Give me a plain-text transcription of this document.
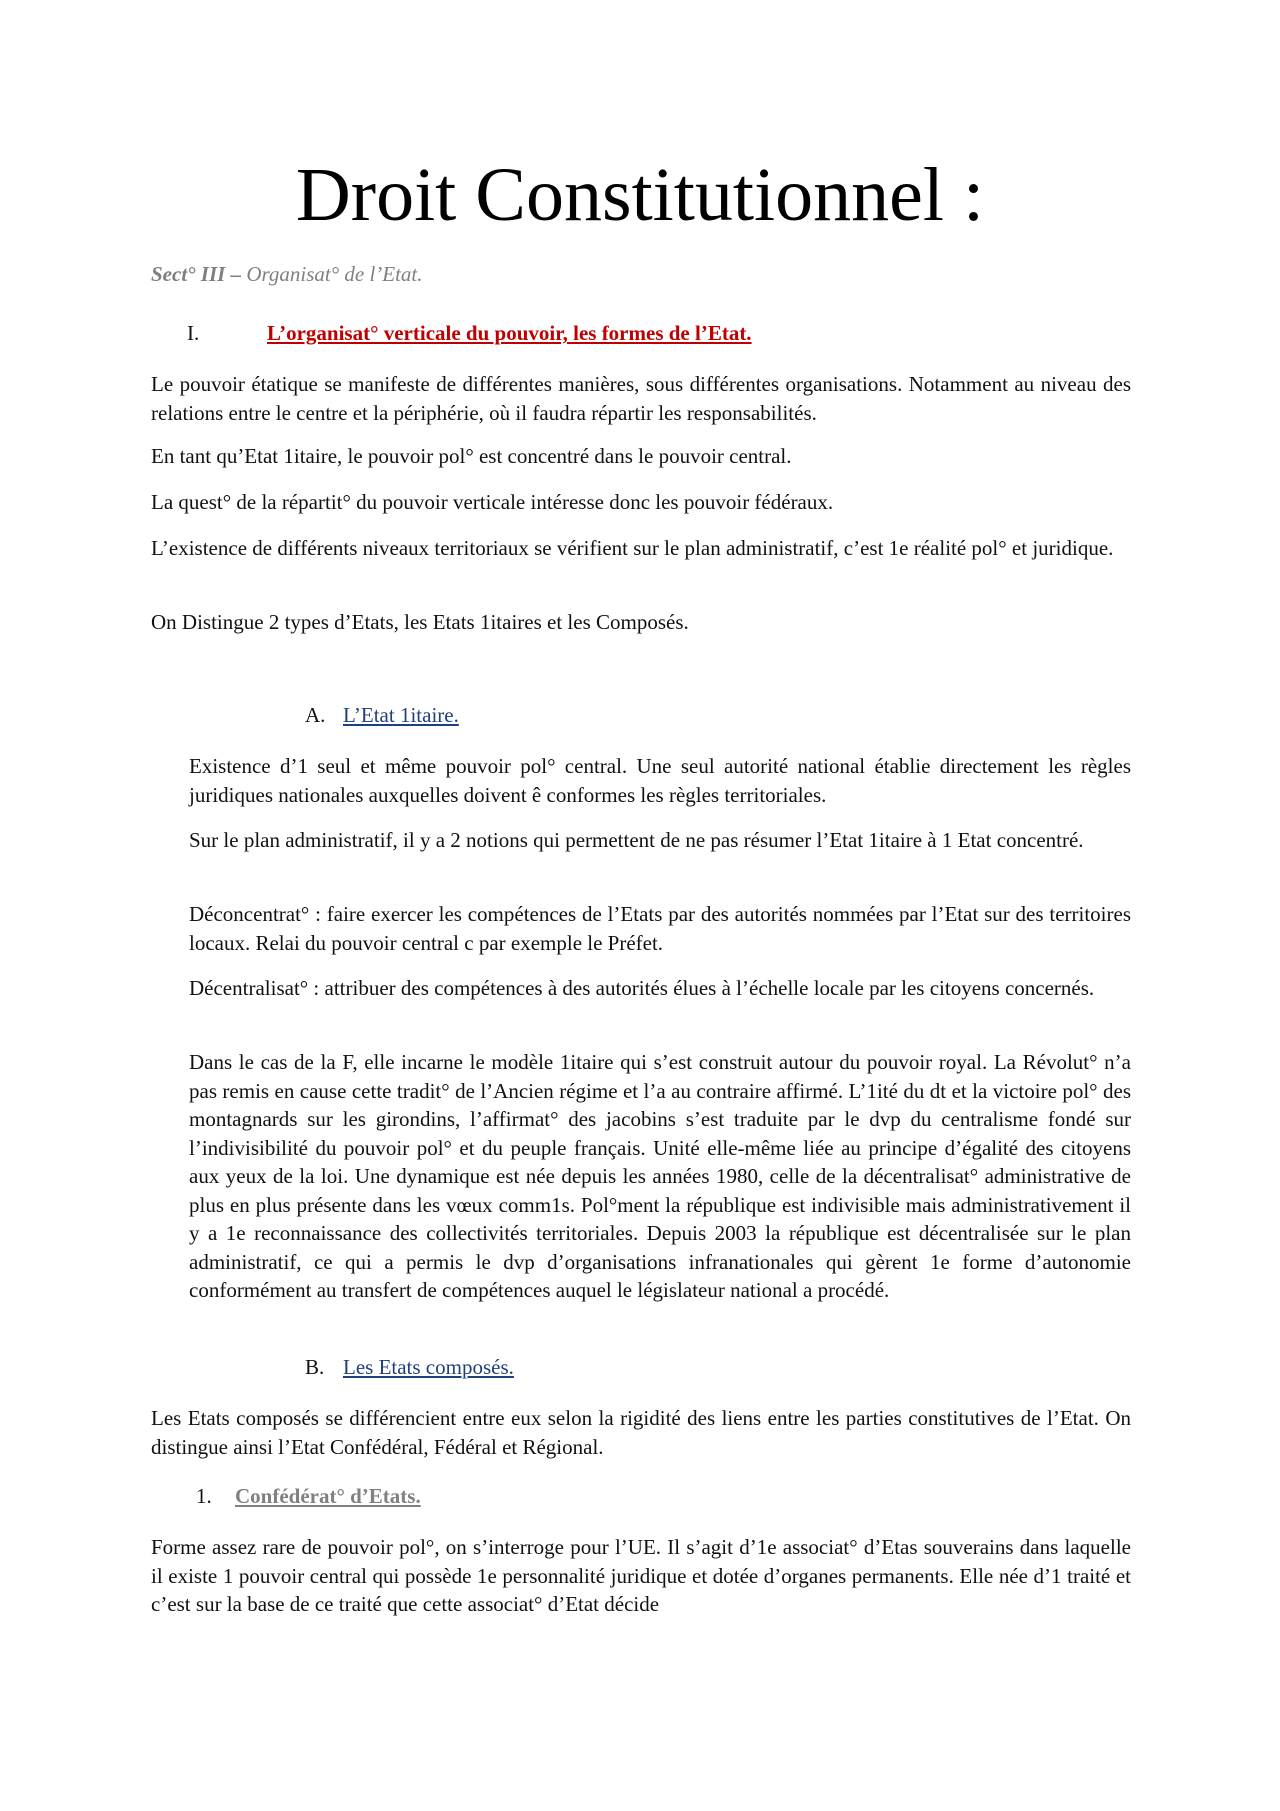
Droit Constitutionnel :
Sect° III – Organisat° de l’Etat.
I.	L’organisat° verticale du pouvoir, les formes de l’Etat.

Le pouvoir étatique se manifeste de différentes manières, sous différentes organisations. Notamment au niveau des relations entre le centre et la périphérie, où il faudra répartir les responsabilités.

En tant qu’Etat 1itaire, le pouvoir pol° est concentré dans le pouvoir central.

La quest° de la répartit° du pouvoir verticale intéresse donc les pouvoir fédéraux.

L’existence de différents niveaux territoriaux se vérifient sur le plan administratif, c’est 1e réalité pol° et juridique.

On Distingue 2 types d’Etats, les Etats 1itaires et les Composés.

A. L’Etat 1itaire.

Existence d’1 seul et même pouvoir pol° central. Une seul autorité national établie directement les règles juridiques nationales auxquelles doivent ê conformes les règles territoriales.

Sur le plan administratif, il y a 2 notions qui permettent de ne pas résumer l’Etat 1itaire à 1 Etat concentré.

Déconcentrat° : faire exercer les compétences de l’Etats par des autorités nommées par l’Etat sur des territoires locaux. Relai du pouvoir central c par exemple le Préfet.

Décentralisat° : attribuer des compétences à des autorités élues à l’échelle locale par les citoyens concernés.

Dans le cas de la F, elle incarne le modèle 1itaire qui s’est construit autour du pouvoir royal. La Révolut° n’a pas remis en cause cette tradit° de l’Ancien régime et l’a au contraire affirmé. L’1ité du dt et la victoire pol° des montagnards sur les girondins, l’affirmat° des jacobins s’est traduite par le dvp du centralisme fondé sur l’indivisibilité du pouvoir pol° et du peuple français. Unité elle-même liée au principe d’égalité des citoyens aux yeux de la loi. Une dynamique est née depuis les années 1980, celle de la décentralisat° administrative de plus en plus présente dans les vœux comm1s. Pol°ment la république est indivisible mais administrativement il y a 1e reconnaissance des collectivités territoriales. Depuis 2003 la république est décentralisée sur le plan administratif, ce qui a permis le dvp d’organisations infranationales qui gèrent 1e forme d’autonomie conformément au transfert de compétences auquel le législateur national a procédé.

B. Les Etats composés.

Les Etats composés se différencient entre eux selon la rigidité des liens entre les parties constitutives de l’Etat. On distingue ainsi l’Etat Confédéral, Fédéral et Régional.

1. Confédérat° d’Etats.

Forme assez rare de pouvoir pol°, on s’interroge pour l’UE. Il s’agit d’1e associat° d’Etas souverains dans laquelle il existe 1 pouvoir central qui possède 1e personnalité juridique et dotée d’organes permanents. Elle née d’1 traité et c’est sur la base de ce traité que cette associat° d’Etat décide
